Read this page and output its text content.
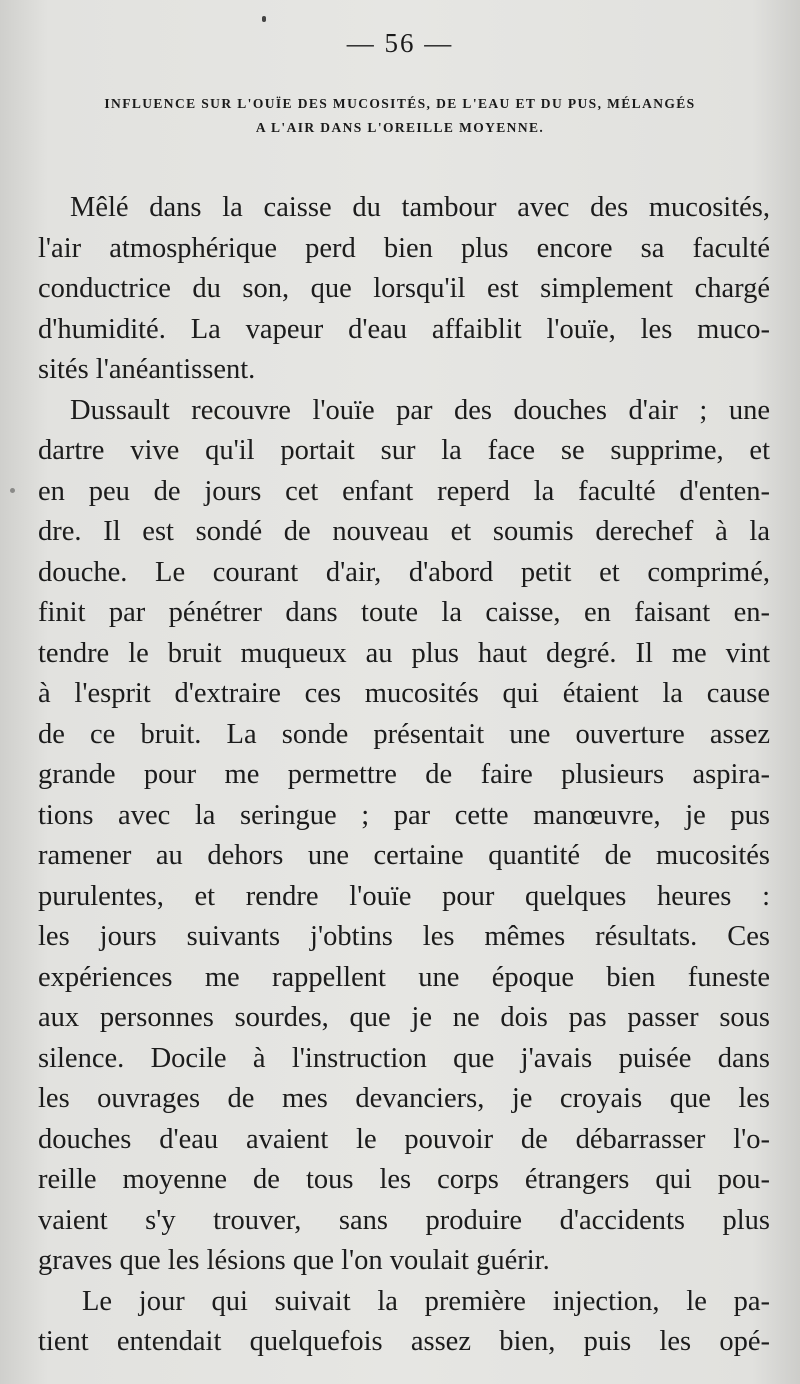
— 56 —
INFLUENCE SUR L'OUÏE DES MUCOSITÉS, DE L'EAU ET DU PUS, MÉLANGÉS
A L'AIR DANS L'OREILLE MOYENNE.

Mêlé dans la caisse du tambour avec des mucosités,
l'air atmosphérique perd bien plus encore sa faculté
conductrice du son, que lorsqu'il est simplement chargé
d'humidité. La vapeur d'eau affaiblit l'ouïe, les muco-
sités l'anéantissent.

Dussault recouvre l'ouïe par des douches d'air ; une
dartre vive qu'il portait sur la face se supprime, et
en peu de jours cet enfant reperd la faculté d'enten-
dre. Il est sondé de nouveau et soumis derechef à la
douche. Le courant d'air, d'abord petit et comprimé,
finit par pénétrer dans toute la caisse, en faisant en-
tendre le bruit muqueux au plus haut degré. Il me vint
à l'esprit d'extraire ces mucosités qui étaient la cause
de ce bruit. La sonde présentait une ouverture assez
grande pour me permettre de faire plusieurs aspira-
tions avec la seringue ; par cette manœuvre, je pus
ramener au dehors une certaine quantité de mucosités
purulentes, et rendre l'ouïe pour quelques heures :
les jours suivants j'obtins les mêmes résultats. Ces
expériences me rappellent une époque bien funeste
aux personnes sourdes, que je ne dois pas passer sous
silence. Docile à l'instruction que j'avais puisée dans
les ouvrages de mes devanciers, je croyais que les
douches d'eau avaient le pouvoir de débarrasser l'o-
reille moyenne de tous les corps étrangers qui pou-
vaient s'y trouver, sans produire d'accidents plus
graves que les lésions que l'on voulait guérir.

Le jour qui suivait la première injection, le pa-
tient entendait quelquefois assez bien, puis les opé-
